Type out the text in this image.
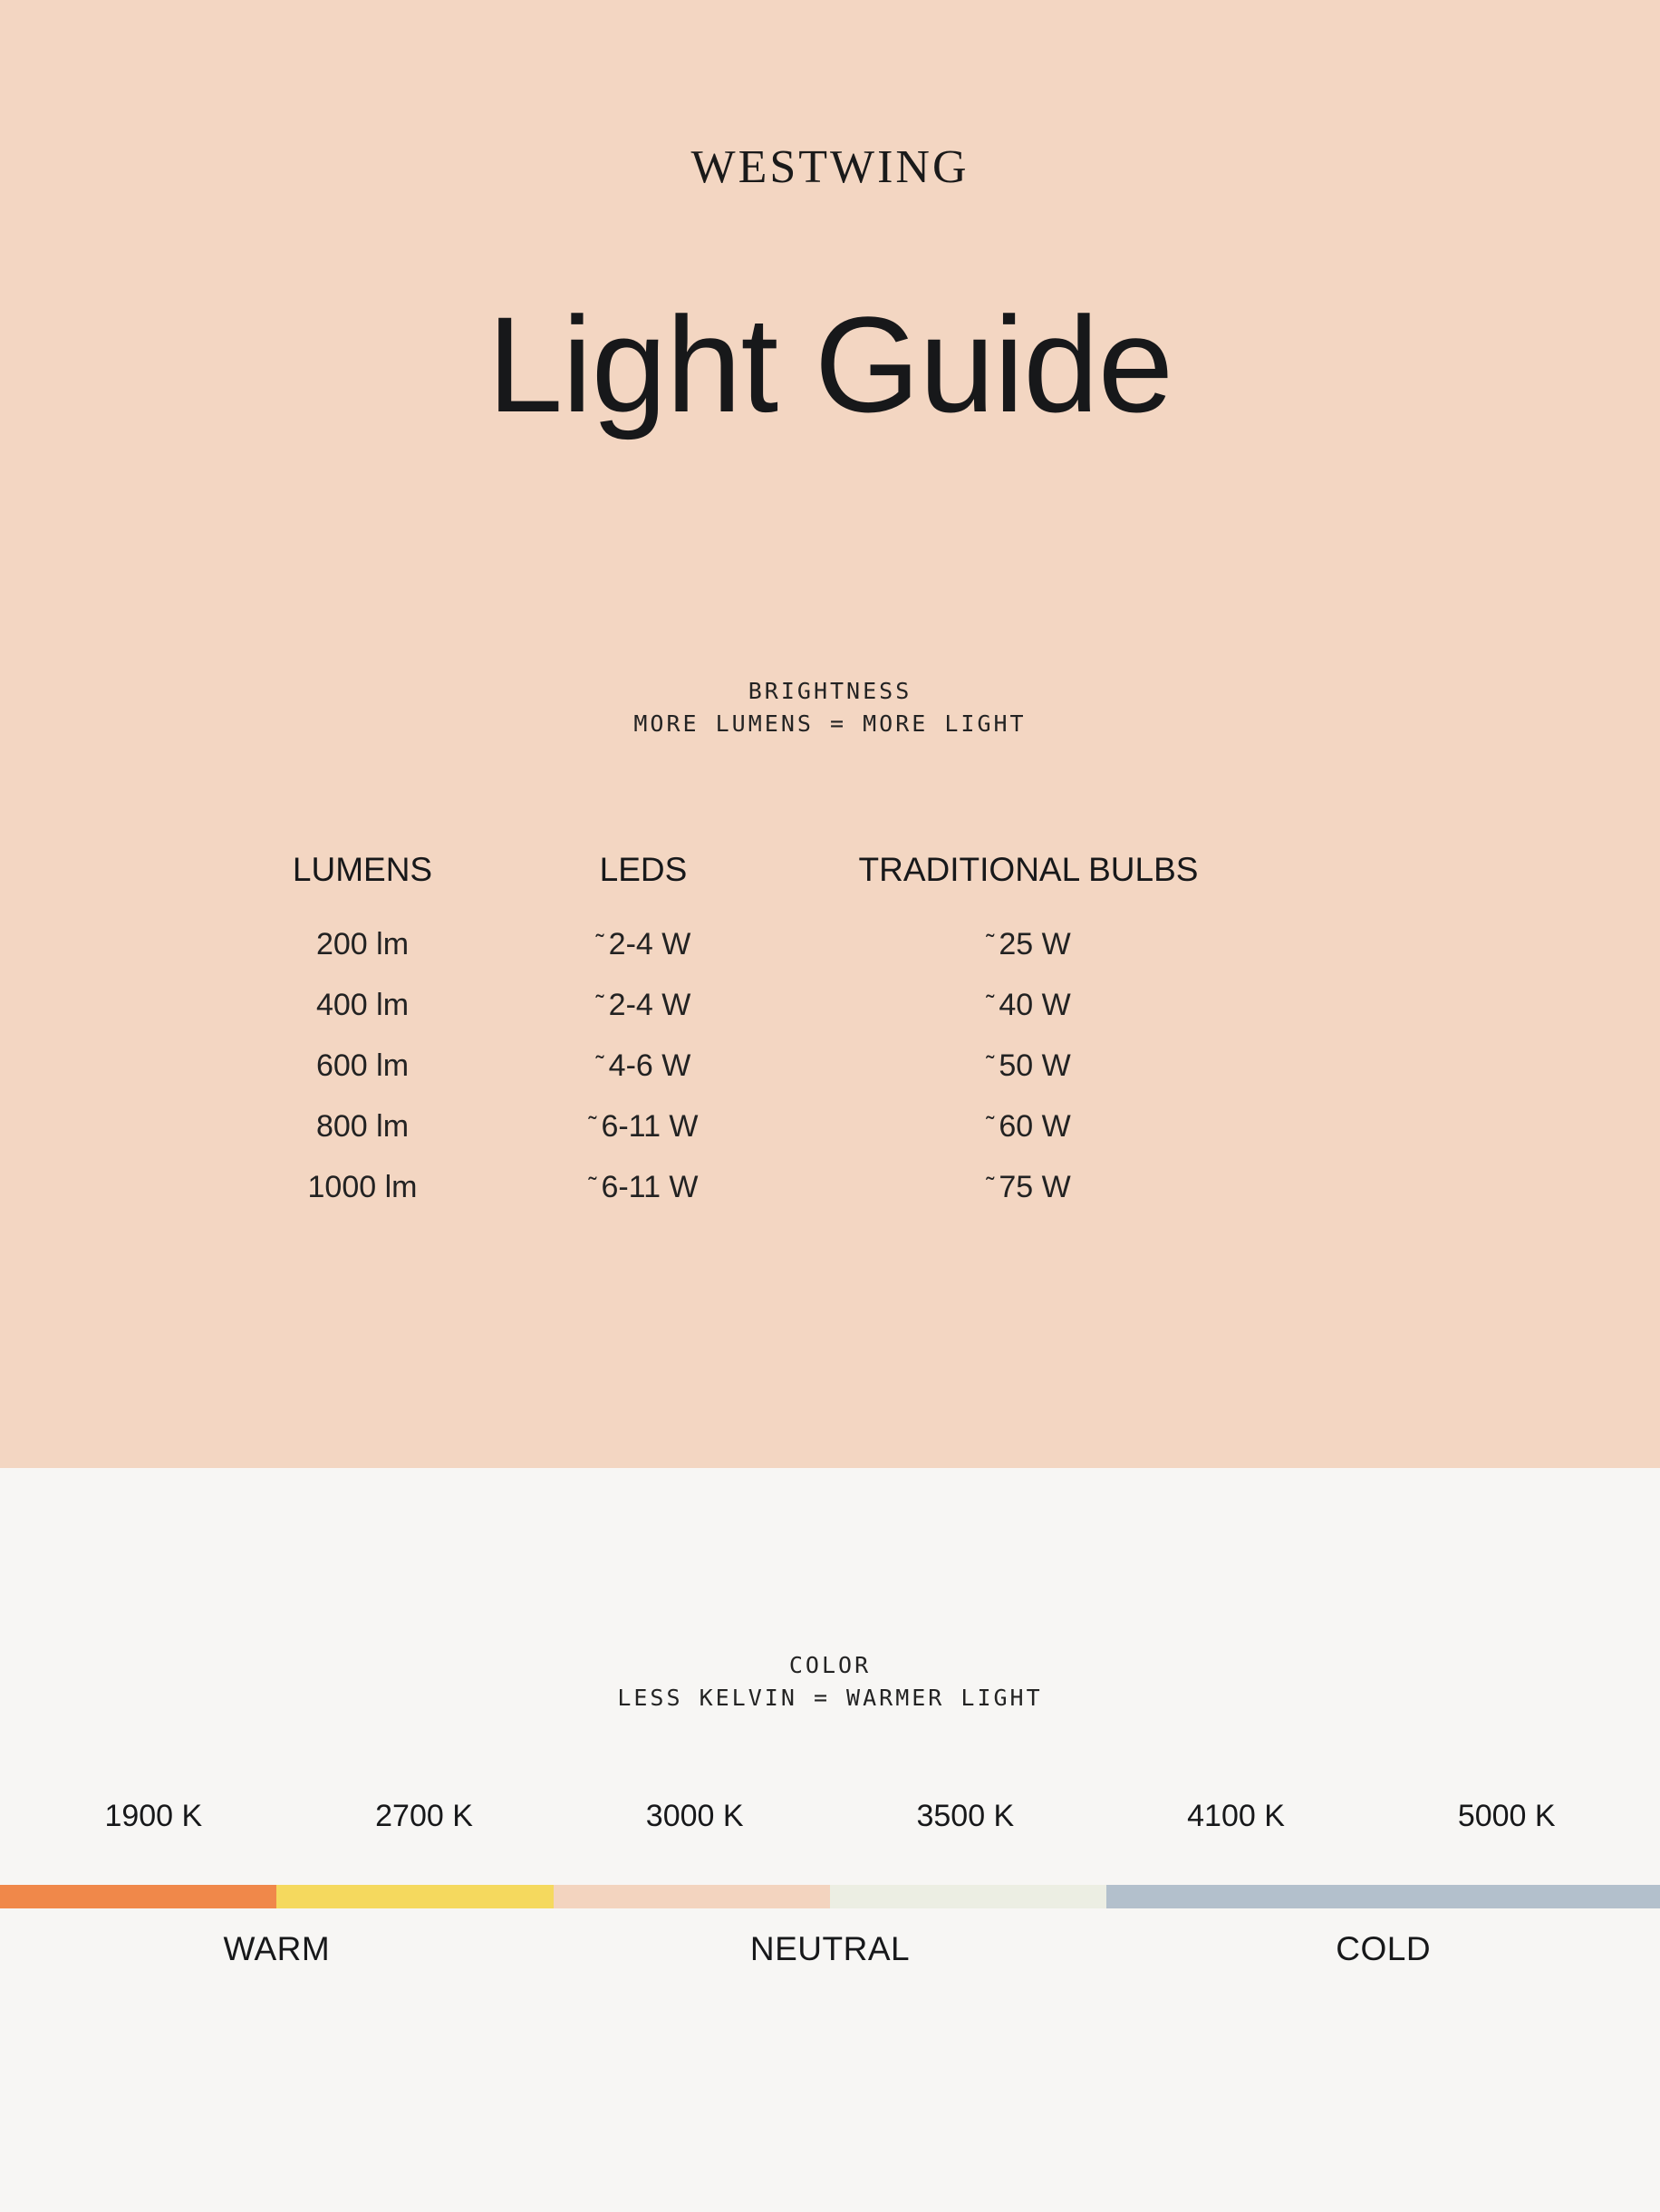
WESTWING
Light Guide
BRIGHTNESS
MORE LUMENS = MORE LIGHT
LUMENS	LEDS	TRADITIONAL BULBS
200 lm	˜ 2-4 W	˜ 25 W
400 lm	˜ 2-4 W	˜ 40 W
600 lm	˜ 4-6 W	˜ 50 W
800 lm	˜ 6-11 W	˜ 60 W
1000 lm	˜ 6-11 W	˜ 75 W
COLOR
LESS KELVIN = WARMER LIGHT
1900 K	2700 K	3000 K	3500 K	4100 K	5000 K
WARM	NEUTRAL	COLD
